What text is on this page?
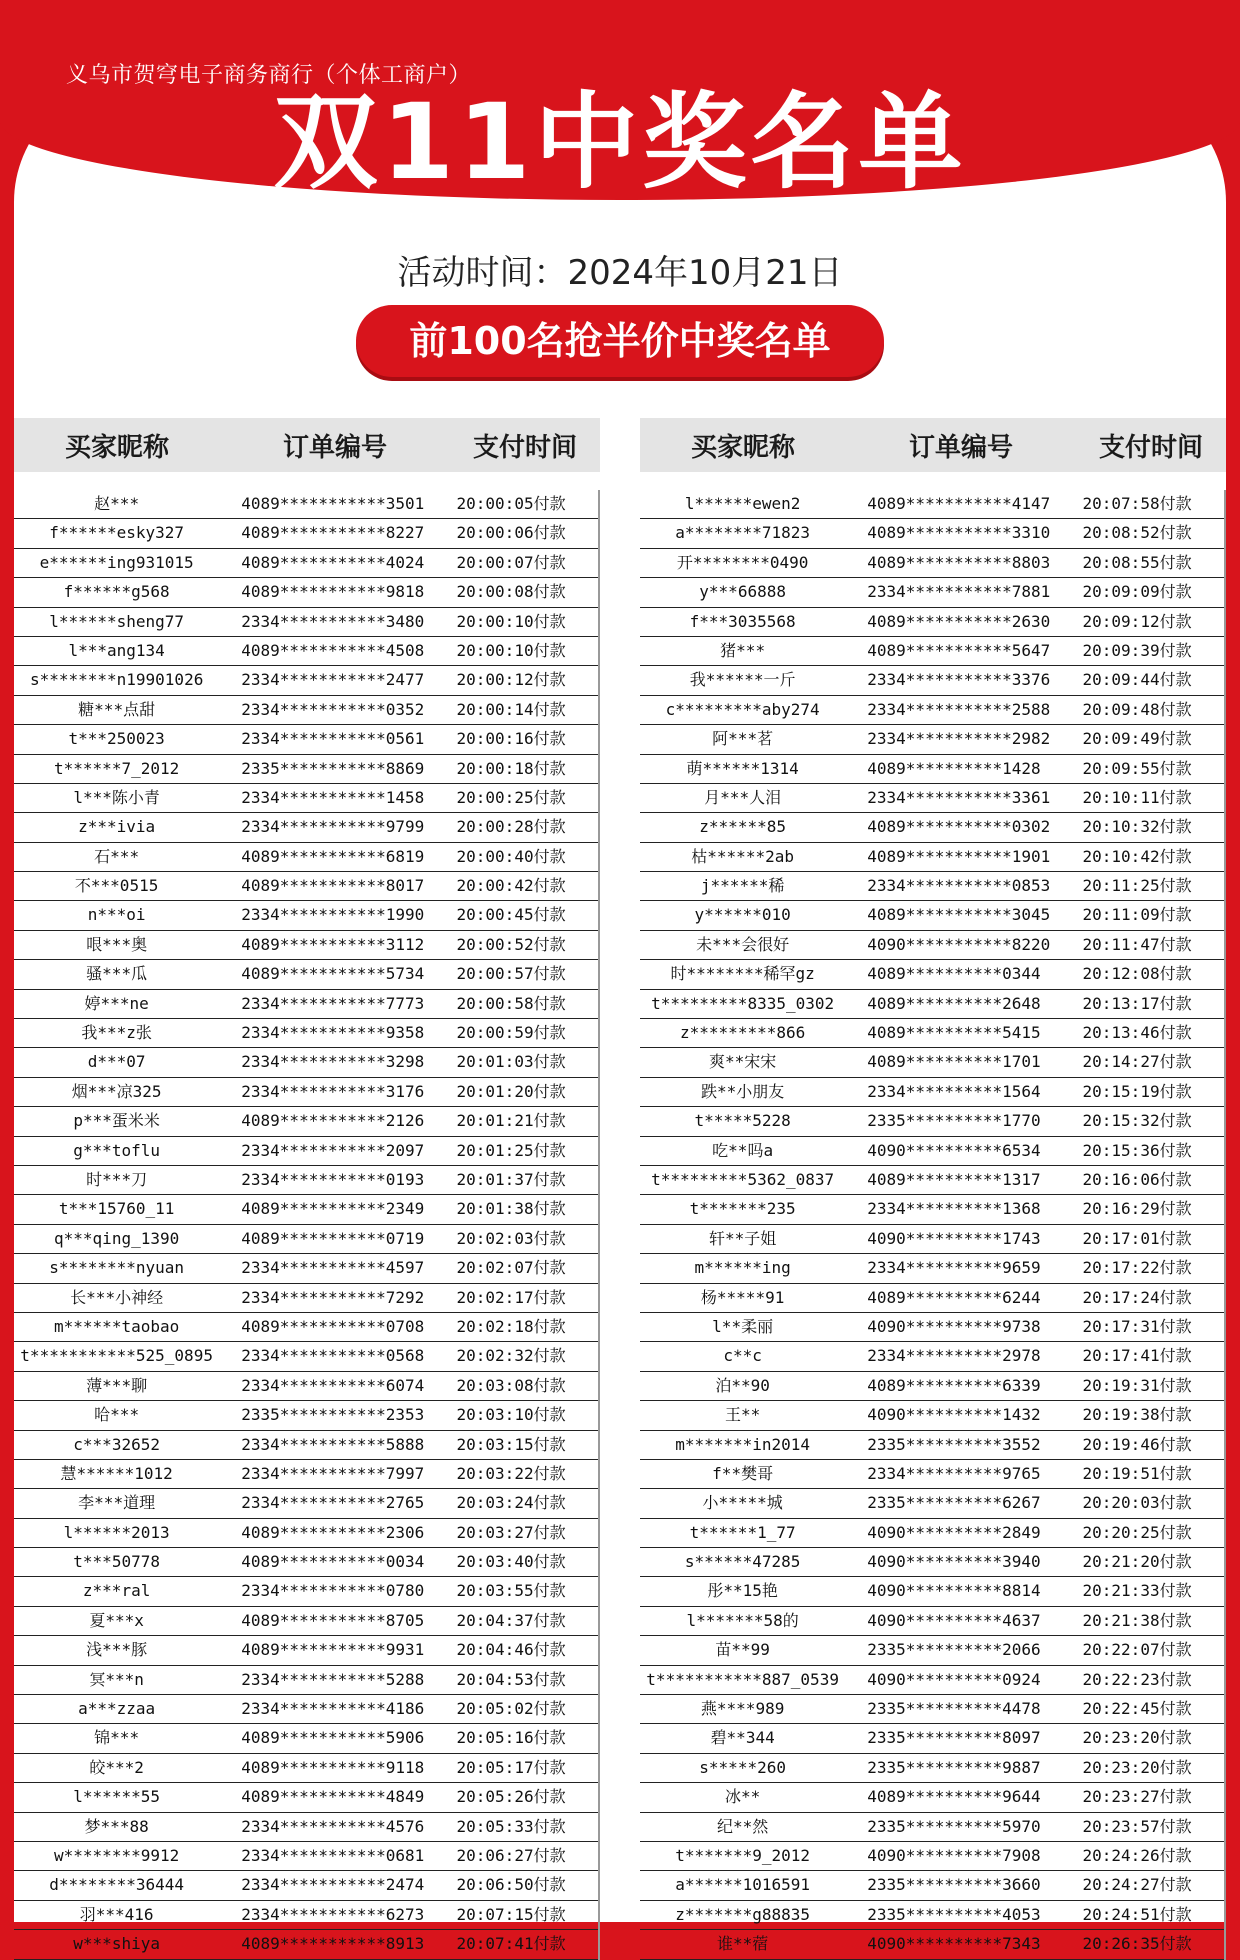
义乌市贺穹电子商务商行（个体工商户）
双11中奖名单
活动时间：2024年10月21日
前100名抢半价中奖名单
买家昵称	订单编号	支付时间
赵***	4089***********3501	20:00:05付款
f******esky327	4089***********8227	20:00:06付款
e******ing931015	4089***********4024	20:00:07付款
f******g568	4089***********9818	20:00:08付款
l******sheng77	2334***********3480	20:00:10付款
l***ang134	4089***********4508	20:00:10付款
s********n19901026	2334***********2477	20:00:12付款
糖***点甜	2334***********0352	20:00:14付款
t***250023	2334***********0561	20:00:16付款
t******7_2012	2335***********8869	20:00:18付款
l***陈小青	2334***********1458	20:00:25付款
z***ivia	2334***********9799	20:00:28付款
石***	4089***********6819	20:00:40付款
不***0515	4089***********8017	20:00:42付款
n***oi	2334***********1990	20:00:45付款
哏***奥	4089***********3112	20:00:52付款
骚***瓜	4089***********5734	20:00:57付款
婷***ne	2334***********7773	20:00:58付款
我***z张	2334***********9358	20:00:59付款
d***07	2334***********3298	20:01:03付款
烟***凉325	2334***********3176	20:01:20付款
p***蛋米米	4089***********2126	20:01:21付款
g***toflu	2334***********2097	20:01:25付款
时***刀	2334***********0193	20:01:37付款
t***15760_11	4089***********2349	20:01:38付款
q***qing_1390	4089***********0719	20:02:03付款
s********nyuan	2334***********4597	20:02:07付款
长***小神经	2334***********7292	20:02:17付款
m******taobao	4089***********0708	20:02:18付款
t***********525_0895	2334***********0568	20:02:32付款
薄***聊	2334***********6074	20:03:08付款
哈***	2335***********2353	20:03:10付款
c***32652	2334***********5888	20:03:15付款
慧******1012	2334***********7997	20:03:22付款
李***道理	2334***********2765	20:03:24付款
l******2013	4089***********2306	20:03:27付款
t***50778	4089***********0034	20:03:40付款
z***ral	2334***********0780	20:03:55付款
夏***x	4089***********8705	20:04:37付款
浅***豚	4089***********9931	20:04:46付款
冥***n	2334***********5288	20:04:53付款
a***zzaa	2334***********4186	20:05:02付款
锦***	4089***********5906	20:05:16付款
皎***2	4089***********9118	20:05:17付款
l******55	4089***********4849	20:05:26付款
梦***88	2334***********4576	20:05:33付款
w********9912	2334***********0681	20:06:27付款
d********36444	2334***********2474	20:06:50付款
羽***416	2334***********6273	20:07:15付款
w***shiya	4089***********8913	20:07:41付款
买家昵称	订单编号	支付时间
l******ewen2	4089***********4147	20:07:58付款
a********71823	4089***********3310	20:08:52付款
开********0490	4089***********8803	20:08:55付款
y***66888	2334***********7881	20:09:09付款
f***3035568	4089***********2630	20:09:12付款
猪***	4089***********5647	20:09:39付款
我******一斤	2334***********3376	20:09:44付款
c*********aby274	2334***********2588	20:09:48付款
阿***茗	2334***********2982	20:09:49付款
萌******1314	4089**********1428	20:09:55付款
月***人泪	2334***********3361	20:10:11付款
z******85	4089***********0302	20:10:32付款
枯******2ab	4089***********1901	20:10:42付款
j******稀	2334***********0853	20:11:25付款
y******010	4089***********3045	20:11:09付款
未***会很好	4090***********8220	20:11:47付款
时********稀罕gz	4089**********0344	20:12:08付款
t*********8335_0302	4089**********2648	20:13:17付款
z*********866	4089**********5415	20:13:46付款
爽**宋宋	4089**********1701	20:14:27付款
跌**小朋友	2334**********1564	20:15:19付款
t*****5228	2335**********1770	20:15:32付款
吃**吗a	4090**********6534	20:15:36付款
t*********5362_0837	4089**********1317	20:16:06付款
t*******235	2334**********1368	20:16:29付款
轩**子姐	4090**********1743	20:17:01付款
m******ing	2334**********9659	20:17:22付款
杨*****91	4089**********6244	20:17:24付款
l**柔丽	4090**********9738	20:17:31付款
c**c	2334**********2978	20:17:41付款
泊**90	4089**********6339	20:19:31付款
王**	4090**********1432	20:19:38付款
m*******in2014	2335**********3552	20:19:46付款
f**樊哥	2334**********9765	20:19:51付款
小*****城	2335**********6267	20:20:03付款
t******1_77	4090**********2849	20:20:25付款
s******47285	4090**********3940	20:21:20付款
彤**15艳	4090**********8814	20:21:33付款
l*******58的	4090**********4637	20:21:38付款
苗**99	2335**********2066	20:22:07付款
t***********887_0539	4090**********0924	20:22:23付款
燕****989	2335**********4478	20:22:45付款
碧**344	2335**********8097	20:23:20付款
s*****260	2335**********9887	20:23:20付款
冰**	4089**********9644	20:23:27付款
纪**然	2335**********5970	20:23:57付款
t*******9_2012	4090**********7908	20:24:26付款
a******1016591	2335**********3660	20:24:27付款
z*******g88835	2335**********4053	20:24:51付款
谁**蓿	4090**********7343	20:26:35付款
